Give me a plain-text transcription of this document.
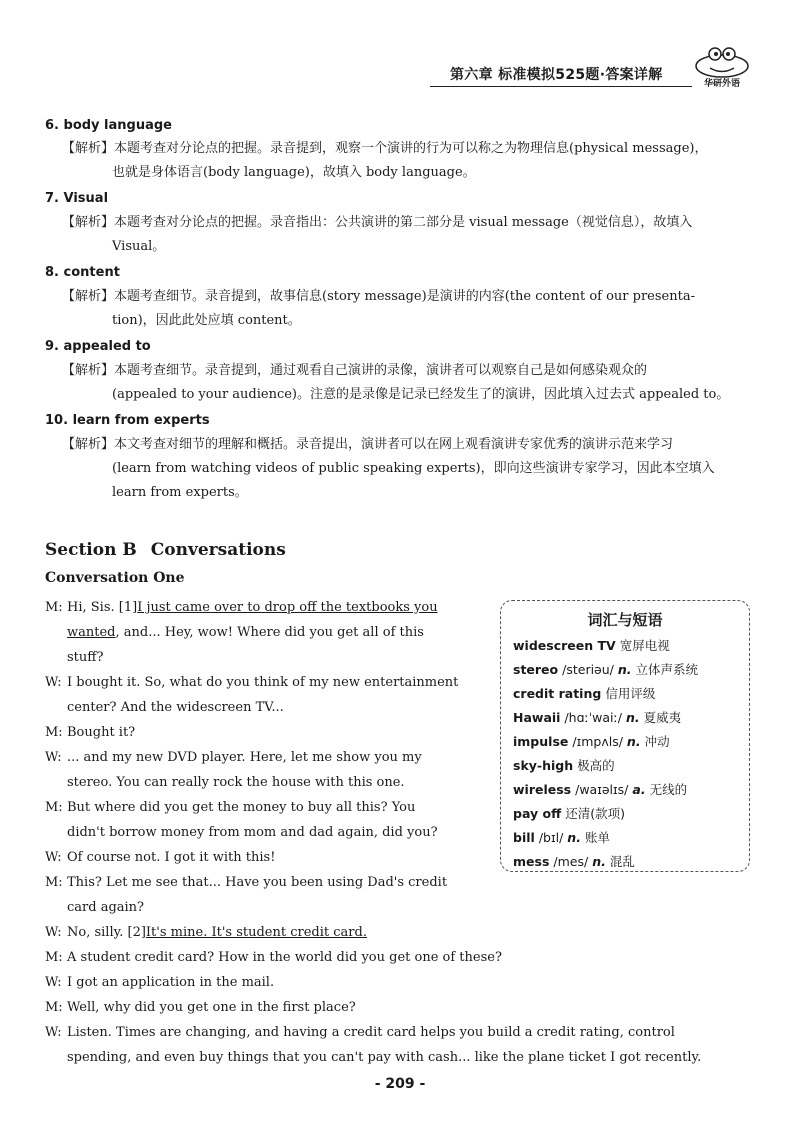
第六章 标准模拟525题·答案详解
华研外语
6. body language
【解析】本题考查对分论点的把握。录音提到，观察一个演讲的行为可以称之为物理信息(physical message)，
也就是身体语言(body language)，故填入 body language。
7. Visual
【解析】本题考查对分论点的把握。录音指出：公共演讲的第二部分是 visual message（视觉信息），故填入
Visual。
8. content
【解析】本题考查细节。录音提到，故事信息(story message)是演讲的内容(the content of our presenta-
tion)，因此此处应填 content。
9. appealed to
【解析】本题考查细节。录音提到，通过观看自己演讲的录像，演讲者可以观察自己是如何感染观众的
(appealed to your audience)。注意的是录像是记录已经发生了的演讲，因此填入过去式 appealed to。
10. learn from experts
【解析】本文考查对细节的理解和概括。录音提出，演讲者可以在网上观看演讲专家优秀的演讲示范来学习
(learn from watching videos of public speaking experts)，即向这些演讲专家学习，因此本空填入
learn from experts。
Section B Conversations
Conversation One
词汇与短语
widescreen TV 宽屏电视
stereo /steriəu/ n. 立体声系统
credit rating 信用评级
Hawaii /hɑːˈwaiː/ n. 夏威夷
impulse /ɪmpʌls/ n. 冲动
sky-high 极高的
wireless /waɪəlɪs/ a. 无线的
pay off 还清(款项)
bill /bɪl/ n. 账单
mess /mes/ n. 混乱
M: Hi, Sis. [1]I just came over to drop off the textbooks you
wanted, and... Hey, wow! Where did you get all of this
stuff?
W: I bought it. So, what do you think of my new entertainment
center? And the widescreen TV...
M: Bought it?
W: ... and my new DVD player. Here, let me show you my
stereo. You can really rock the house with this one.
M: But where did you get the money to buy all this? You
didn't borrow money from mom and dad again, did you?
W: Of course not. I got it with this!
M: This? Let me see that... Have you been using Dad's credit
card again?
W: No, silly. [2]It's mine. It's student credit card.
M: A student credit card? How in the world did you get one of these?
W: I got an application in the mail.
M: Well, why did you get one in the first place?
W: Listen. Times are changing, and having a credit card helps you build a credit rating, control
spending, and even buy things that you can't pay with cash... like the plane ticket I got recently.
- 209 -
